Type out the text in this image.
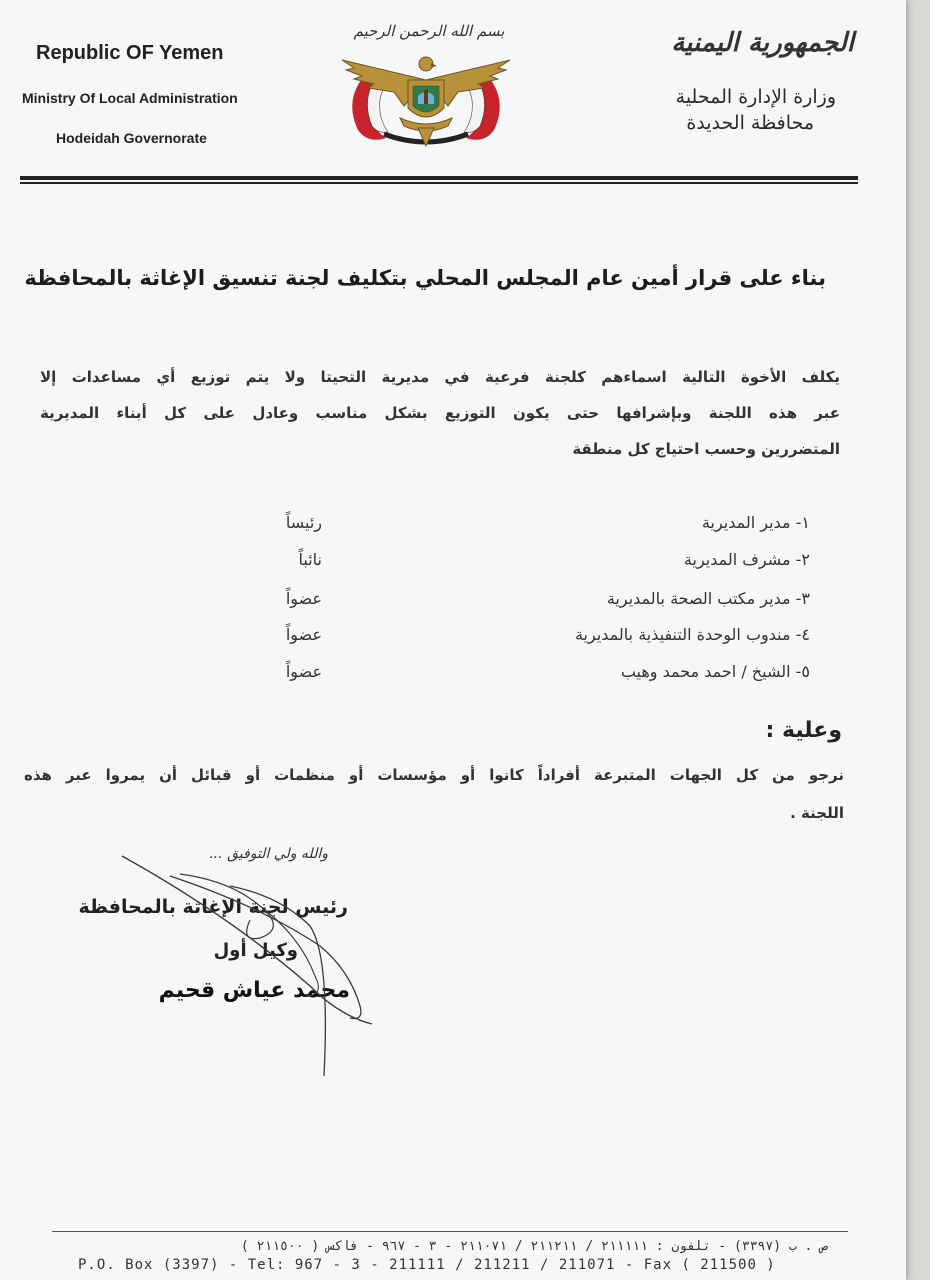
Republic OF Yemen
Ministry Of Local Administration
Hodeidah Governorate
الجمهورية اليمنية
وزارة الإدارة المحلية
محافظة الحديدة
بسم الله الرحمن الرحيم
بناء على قرار أمين عام المجلس المحلي بتكليف لجنة تنسيق الإغاثة بالمحافظة
يكلف الأخوة التالية اسماءهم كلجنة فرعية في مديرية التحيتا ولا يتم توزيع أي مساعدات إلا
عبر هذه اللجنة وبإشرافها حتى يكون التوزيع بشكل مناسب وعادل على كل أبناء المديرية
المتضررين وحسب احتياج كل منطقة
١- مدير المديرية
رئيساً
٢- مشرف المديرية
نائباً
٣- مدير مكتب الصحة بالمديرية
عضواً
٤- مندوب الوحدة التنفيذية بالمديرية
عضواً
٥- الشيخ / احمد محمد وهيب
عضواً
وعلية :
نرجو من كل الجهات المتبرعة أفراداً كانوا أو مؤسسات أو منظمات أو قبائل أن يمروا عبر هذه
اللجنة .
والله ولي التوفيق ...
رئيس لجنة الإغاثة بالمحافظة
وكيل أول
محمد عياش قحيم
ص . ب (٣٣٩٧) - تلفون : ٢١١١١١ / ٢١١٢١١ / ٢١١٠٧١ - ٣ - ٩٦٧ - فاكس ( ٢١١٥٠٠ )
P.O. Box (3397) - Tel: 967 - 3 - 211111 / 211211 / 211071 - Fax ( 211500 )
